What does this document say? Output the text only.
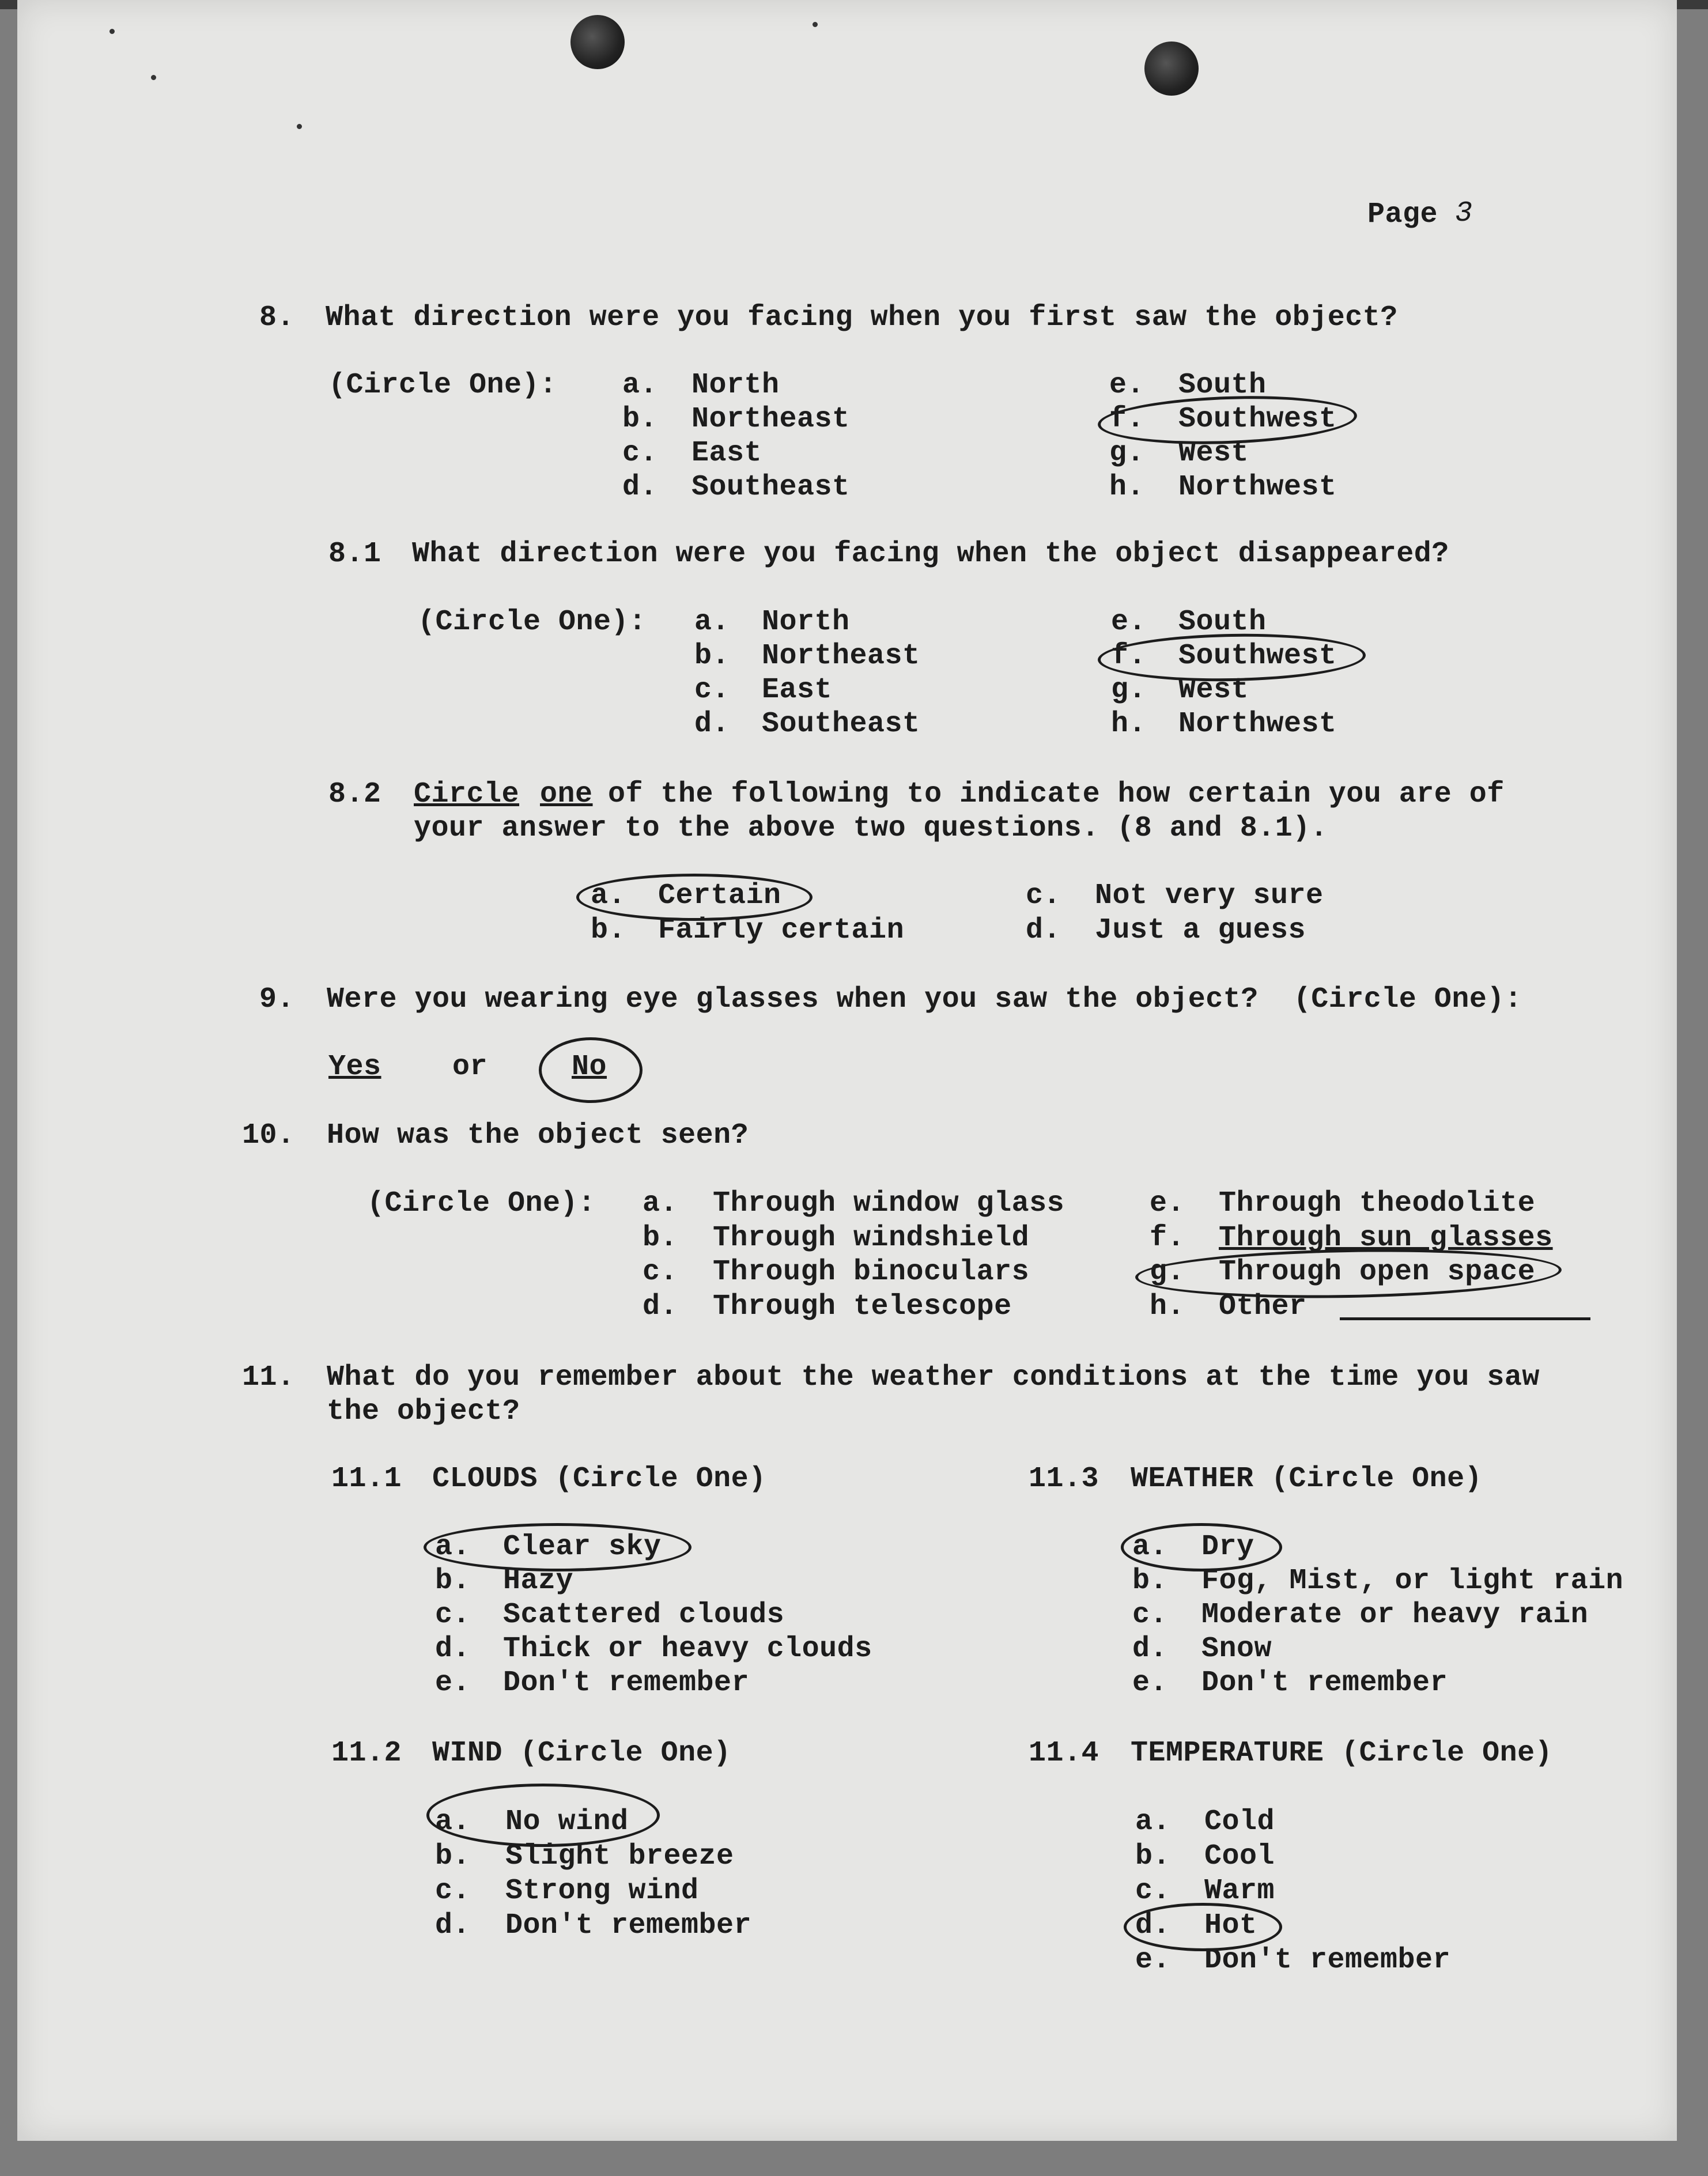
Page 3
8. What direction were you facing when you first saw the object?
(Circle One): a. North
b. Northeast
c. East
d. Southeast
e. South
f. Southwest
g. West
h. Northwest
8.1 What direction were you facing when the object disappeared?
(Circle One): a. North
b. Northeast
c. East
d. Southeast
e. South
f. Southwest
g. West
h. Northwest
8.2 Circle one of the following to indicate how certain you are of
your answer to the above two questions. (8 and 8.1).
a. Certain
b. Fairly certain
c. Not very sure
d. Just a guess
9. Were you wearing eye glasses when you saw the object?  (Circle One):
Yes or	No
10. How was the object seen?
(Circle One): a. Through window glass
b. Through windshield
c. Through binoculars
d. Through telescope
e. Through theodolite
f. Through sun glasses
g. Through open space
h. Other
11. What do you remember about the weather conditions at the time you saw
the object?
11.1 CLOUDS (Circle One)
a. Clear sky
b. Hazy
c. Scattered clouds
d. Thick or heavy clouds
e. Don't remember
11.2 WIND (Circle One)
a. No wind
b. Slight breeze
c. Strong wind
d. Don't remember
11.3 WEATHER (Circle One)
a. Dry
b. Fog, Mist, or light rain
c. Moderate or heavy rain
d. Snow
e. Don't remember
11.4 TEMPERATURE (Circle One)
a. Cold
b. Cool
c. Warm
d. Hot
e. Don't remember
